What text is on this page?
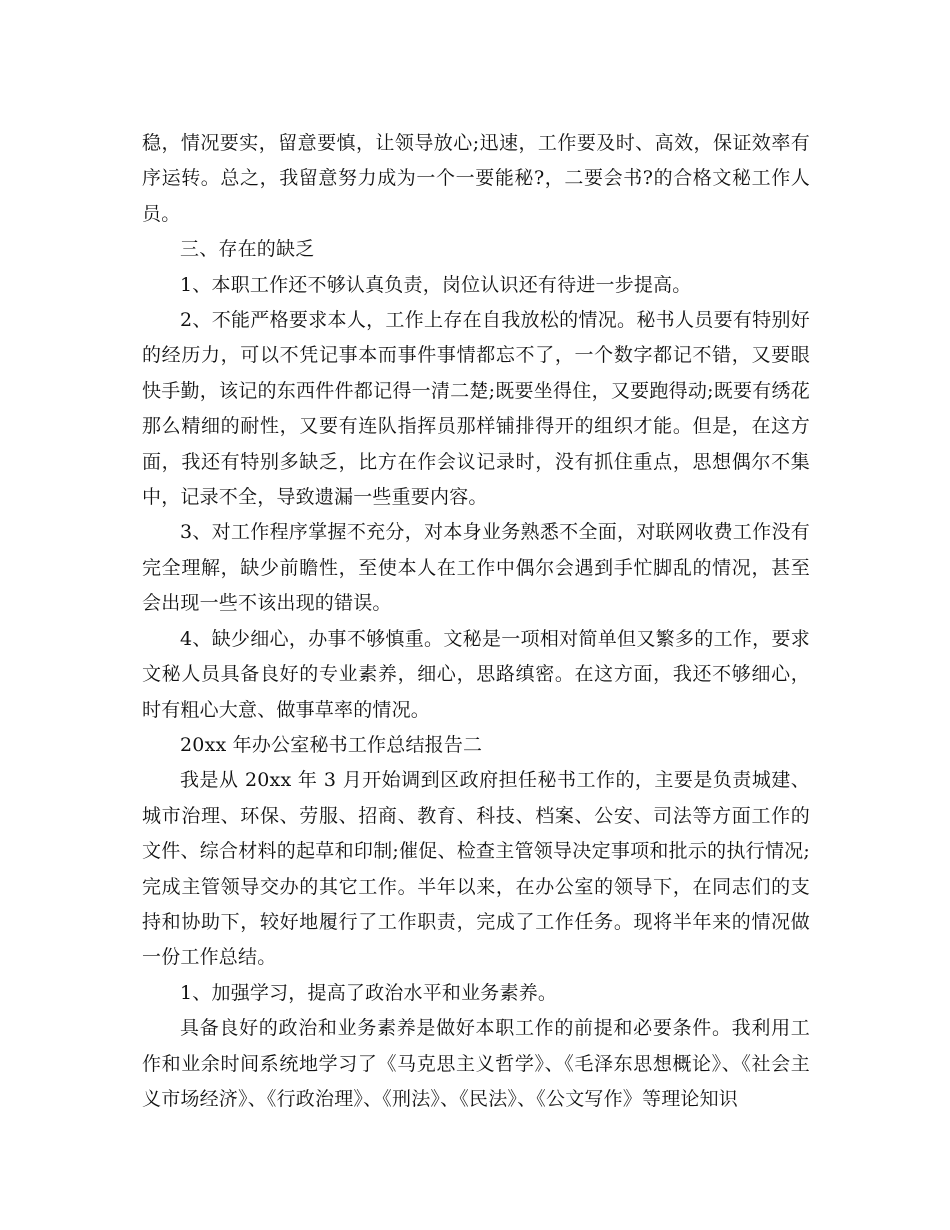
稳，情况要实，留意要慎，让领导放心;迅速，工作要及时、高效，保证效率有序运转。总之，我留意努力成为一个一要能秘?，二要会书?的合格文秘工作人员。

三、存在的缺乏

1、本职工作还不够认真负责，岗位认识还有待进一步提高。

2、不能严格要求本人，工作上存在自我放松的情况。秘书人员要有特别好的经历力，可以不凭记事本而事件事情都忘不了，一个数字都记不错，又要眼快手勤，该记的东西件件都记得一清二楚;既要坐得住，又要跑得动;既要有绣花那么精细的耐性，又要有连队指挥员那样铺排得开的组织才能。但是，在这方面，我还有特别多缺乏，比方在作会议记录时，没有抓住重点，思想偶尔不集中，记录不全，导致遗漏一些重要内容。

3、对工作程序掌握不充分，对本身业务熟悉不全面，对联网收费工作没有完全理解，缺少前瞻性，至使本人在工作中偶尔会遇到手忙脚乱的情况，甚至会出现一些不该出现的错误。

4、缺少细心，办事不够慎重。文秘是一项相对简单但又繁多的工作，要求文秘人员具备良好的专业素养，细心，思路缜密。在这方面，我还不够细心，时有粗心大意、做事草率的情况。

20xx 年办公室秘书工作总结报告二

我是从 20xx 年 3 月开始调到区政府担任秘书工作的，主要是负责城建、城市治理、环保、劳服、招商、教育、科技、档案、公安、司法等方面工作的文件、综合材料的起草和印制;催促、检查主管领导决定事项和批示的执行情况;完成主管领导交办的其它工作。半年以来，在办公室的领导下，在同志们的支持和协助下，较好地履行了工作职责，完成了工作任务。现将半年来的情况做一份工作总结。

1、加强学习，提高了政治水平和业务素养。

具备良好的政治和业务素养是做好本职工作的前提和必要条件。我利用工作和业余时间系统地学习了《马克思主义哲学》、《毛泽东思想概论》、《社会主义市场经济》、《行政治理》、《刑法》、《民法》、《公文写作》等理论知识
